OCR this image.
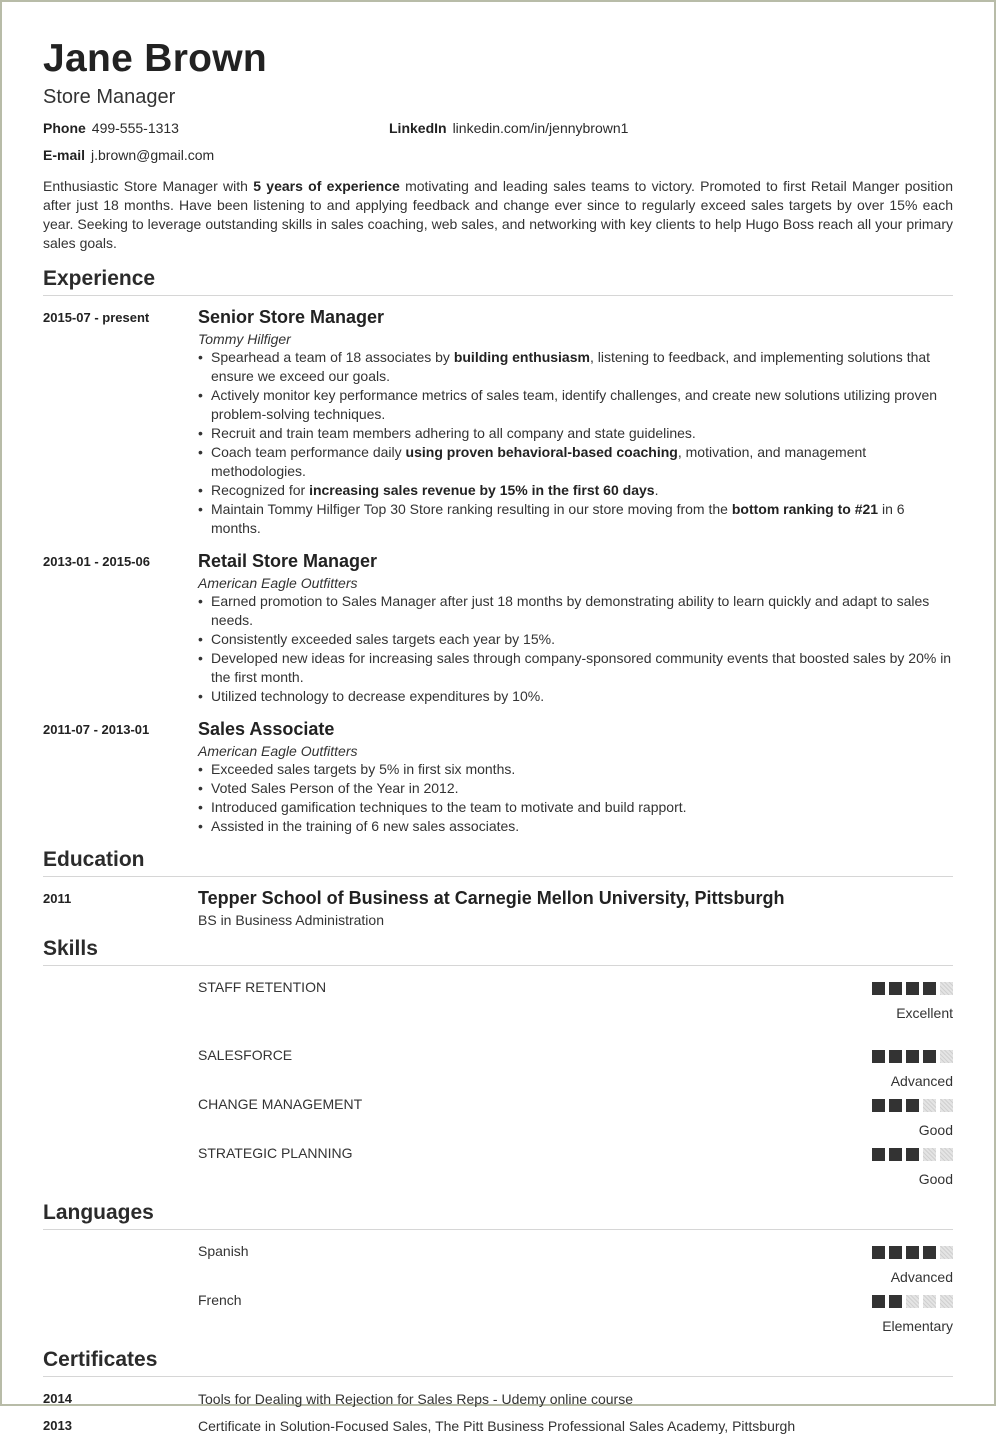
Jane Brown
Store Manager
Phone 499-555-1313	LinkedIn linkedin.com/in/jennybrown1
E-mail j.brown@gmail.com

Enthusiastic Store Manager with 5 years of experience motivating and leading sales teams to victory. Promoted to first Retail Manger position after just 18 months. Have been listening to and applying feedback and change ever since to regularly exceed sales targets by over 15% each year. Seeking to leverage outstanding skills in sales coaching, web sales, and networking with key clients to help Hugo Boss reach all your primary sales goals.

Experience
2015-07 - present	Senior Store Manager
Tommy Hilfiger
• Spearhead a team of 18 associates by building enthusiasm, listening to feedback, and implementing solutions that ensure we exceed our goals.
• Actively monitor key performance metrics of sales team, identify challenges, and create new solutions utilizing proven problem-solving techniques.
• Recruit and train team members adhering to all company and state guidelines.
• Coach team performance daily using proven behavioral-based coaching, motivation, and management methodologies.
• Recognized for increasing sales revenue by 15% in the first 60 days.
• Maintain Tommy Hilfiger Top 30 Store ranking resulting in our store moving from the bottom ranking to #21 in 6 months.
2013-01 - 2015-06	Retail Store Manager
American Eagle Outfitters
• Earned promotion to Sales Manager after just 18 months by demonstrating ability to learn quickly and adapt to sales needs.
• Consistently exceeded sales targets each year by 15%.
• Developed new ideas for increasing sales through company-sponsored community events that boosted sales by 20% in the first month.
• Utilized technology to decrease expenditures by 10%.
2011-07 - 2013-01	Sales Associate
American Eagle Outfitters
• Exceeded sales targets by 5% in first six months.
• Voted Sales Person of the Year in 2012.
• Introduced gamification techniques to the team to motivate and build rapport.
• Assisted in the training of 6 new sales associates.
Education
2011	Tepper School of Business at Carnegie Mellon University, Pittsburgh
BS in Business Administration
Skills
STAFF RETENTION
Excellent
SALESFORCE
Advanced
CHANGE MANAGEMENT
Good
STRATEGIC PLANNING
Good
Languages
Spanish
Advanced
French
Elementary
Certificates
2014	Tools for Dealing with Rejection for Sales Reps - Udemy online course
2013	Certificate in Solution-Focused Sales, The Pitt Business Professional Sales Academy, Pittsburgh
